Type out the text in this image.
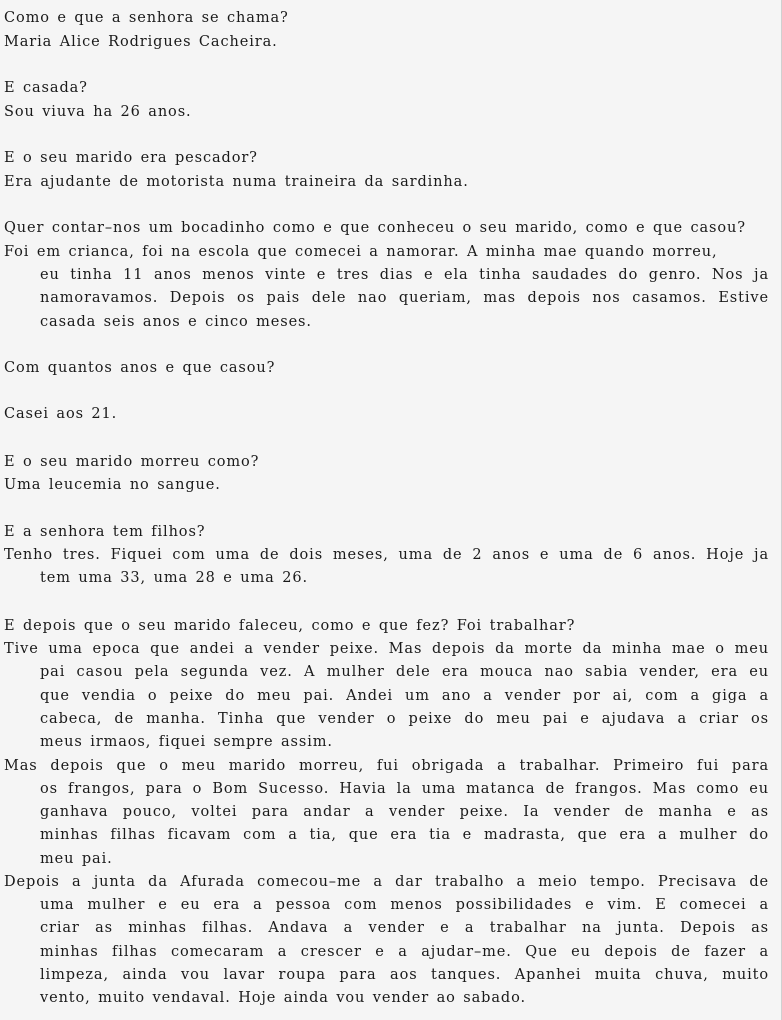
Como e que a senhora se chama?
Maria Alice Rodrigues Cacheira.
E casada?
Sou viuva ha 26 anos.
E o seu marido era pescador?
Era ajudante de motorista numa traineira da sardinha.
Quer contar–nos um bocadinho como e que conheceu o seu marido, como e que casou?
Foi em crianca, foi na escola que comecei a namorar. A minha mae quando morreu,
eu tinha 11 anos menos vinte e tres dias e ela tinha saudades do genro. Nos ja
namoravamos. Depois os pais dele nao queriam, mas depois nos casamos. Estive
casada seis anos e cinco meses.
Com quantos anos e que casou?
Casei aos 21.
E o seu marido morreu como?
Uma leucemia no sangue.
E a senhora tem filhos?
Tenho tres. Fiquei com uma de dois meses, uma de 2 anos e uma de 6 anos. Hoje ja
tem uma 33, uma 28 e uma 26.
E depois que o seu marido faleceu, como e que fez? Foi trabalhar?
Tive uma epoca que andei a vender peixe. Mas depois da morte da minha mae o meu
pai casou pela segunda vez. A mulher dele era mouca nao sabia vender, era eu
que vendia o peixe do meu pai. Andei um ano a vender por ai, com a giga a
cabeca, de manha. Tinha que vender o peixe do meu pai e ajudava a criar os
meus irmaos, fiquei sempre assim.
Mas depois que o meu marido morreu, fui obrigada a trabalhar. Primeiro fui para
os frangos, para o Bom Sucesso. Havia la uma matanca de frangos. Mas como eu
ganhava pouco, voltei para andar a vender peixe. Ia vender de manha e as
minhas filhas ficavam com a tia, que era tia e madrasta, que era a mulher do
meu pai.
Depois a junta da Afurada comecou–me a dar trabalho a meio tempo. Precisava de
uma mulher e eu era a pessoa com menos possibilidades e vim. E comecei a
criar as minhas filhas. Andava a vender e a trabalhar na junta. Depois as
minhas filhas comecaram a crescer e a ajudar–me. Que eu depois de fazer a
limpeza, ainda vou lavar roupa para aos tanques. Apanhei muita chuva, muito
vento, muito vendaval. Hoje ainda vou vender ao sabado.
